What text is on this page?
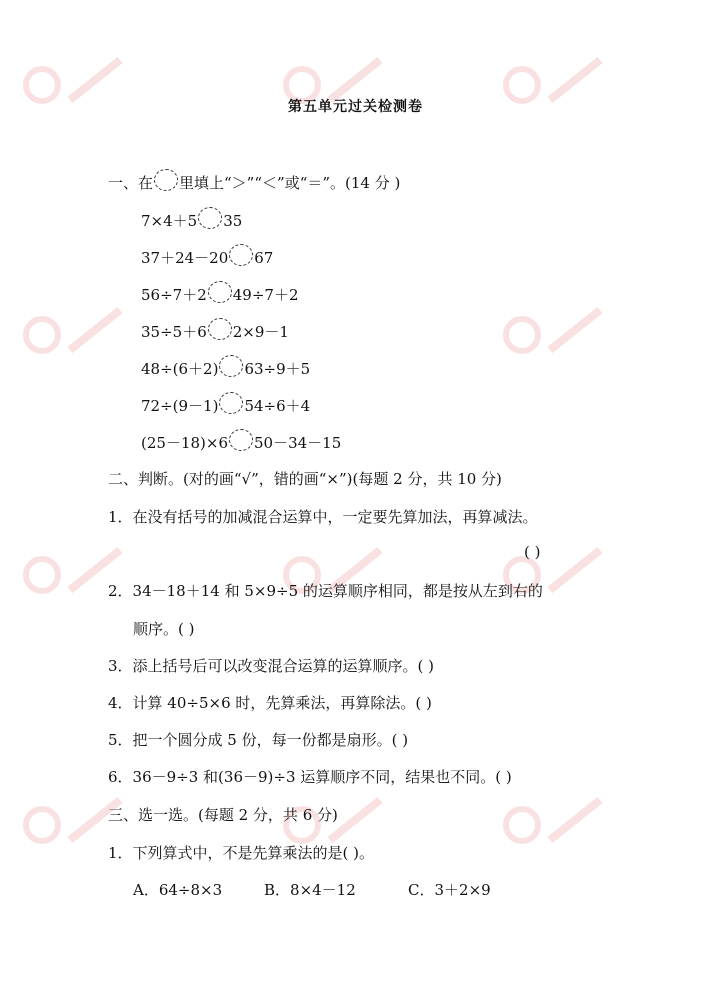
第五单元过关检测卷
一、在 里填上“＞”“＜”或“＝”。(14 分 )
7×4＋5 35
37＋24－20 67
56÷7＋2 49÷7＋2
35÷5＋6 2×9－1
48÷(6＋2) 63÷9＋5
72÷(9－1) 54÷6＋4
(25－18)×6 50－34－15
二、判断。(对的画“√”，错的画“×”)(每题 2 分，共 10 分)
1．在没有括号的加减混合运算中，一定要先算加法，再算减法。
( )
2．34－18＋14 和 5×9÷5 的运算顺序相同，都是按从左到右的
顺序。( )
3．添上括号后可以改变混合运算的运算顺序。( )
4．计算 40÷5×6 时，先算乘法，再算除法。( )
5．把一个圆分成 5 份，每一份都是扇形。( )
6．36－9÷3 和(36－9)÷3 运算顺序不同，结果也不同。( )
三、选一选。(每题 2 分，共 6 分)
1．下列算式中，不是先算乘法的是( )。
A．64÷8×3	B．8×4－12	C．3＋2×9
